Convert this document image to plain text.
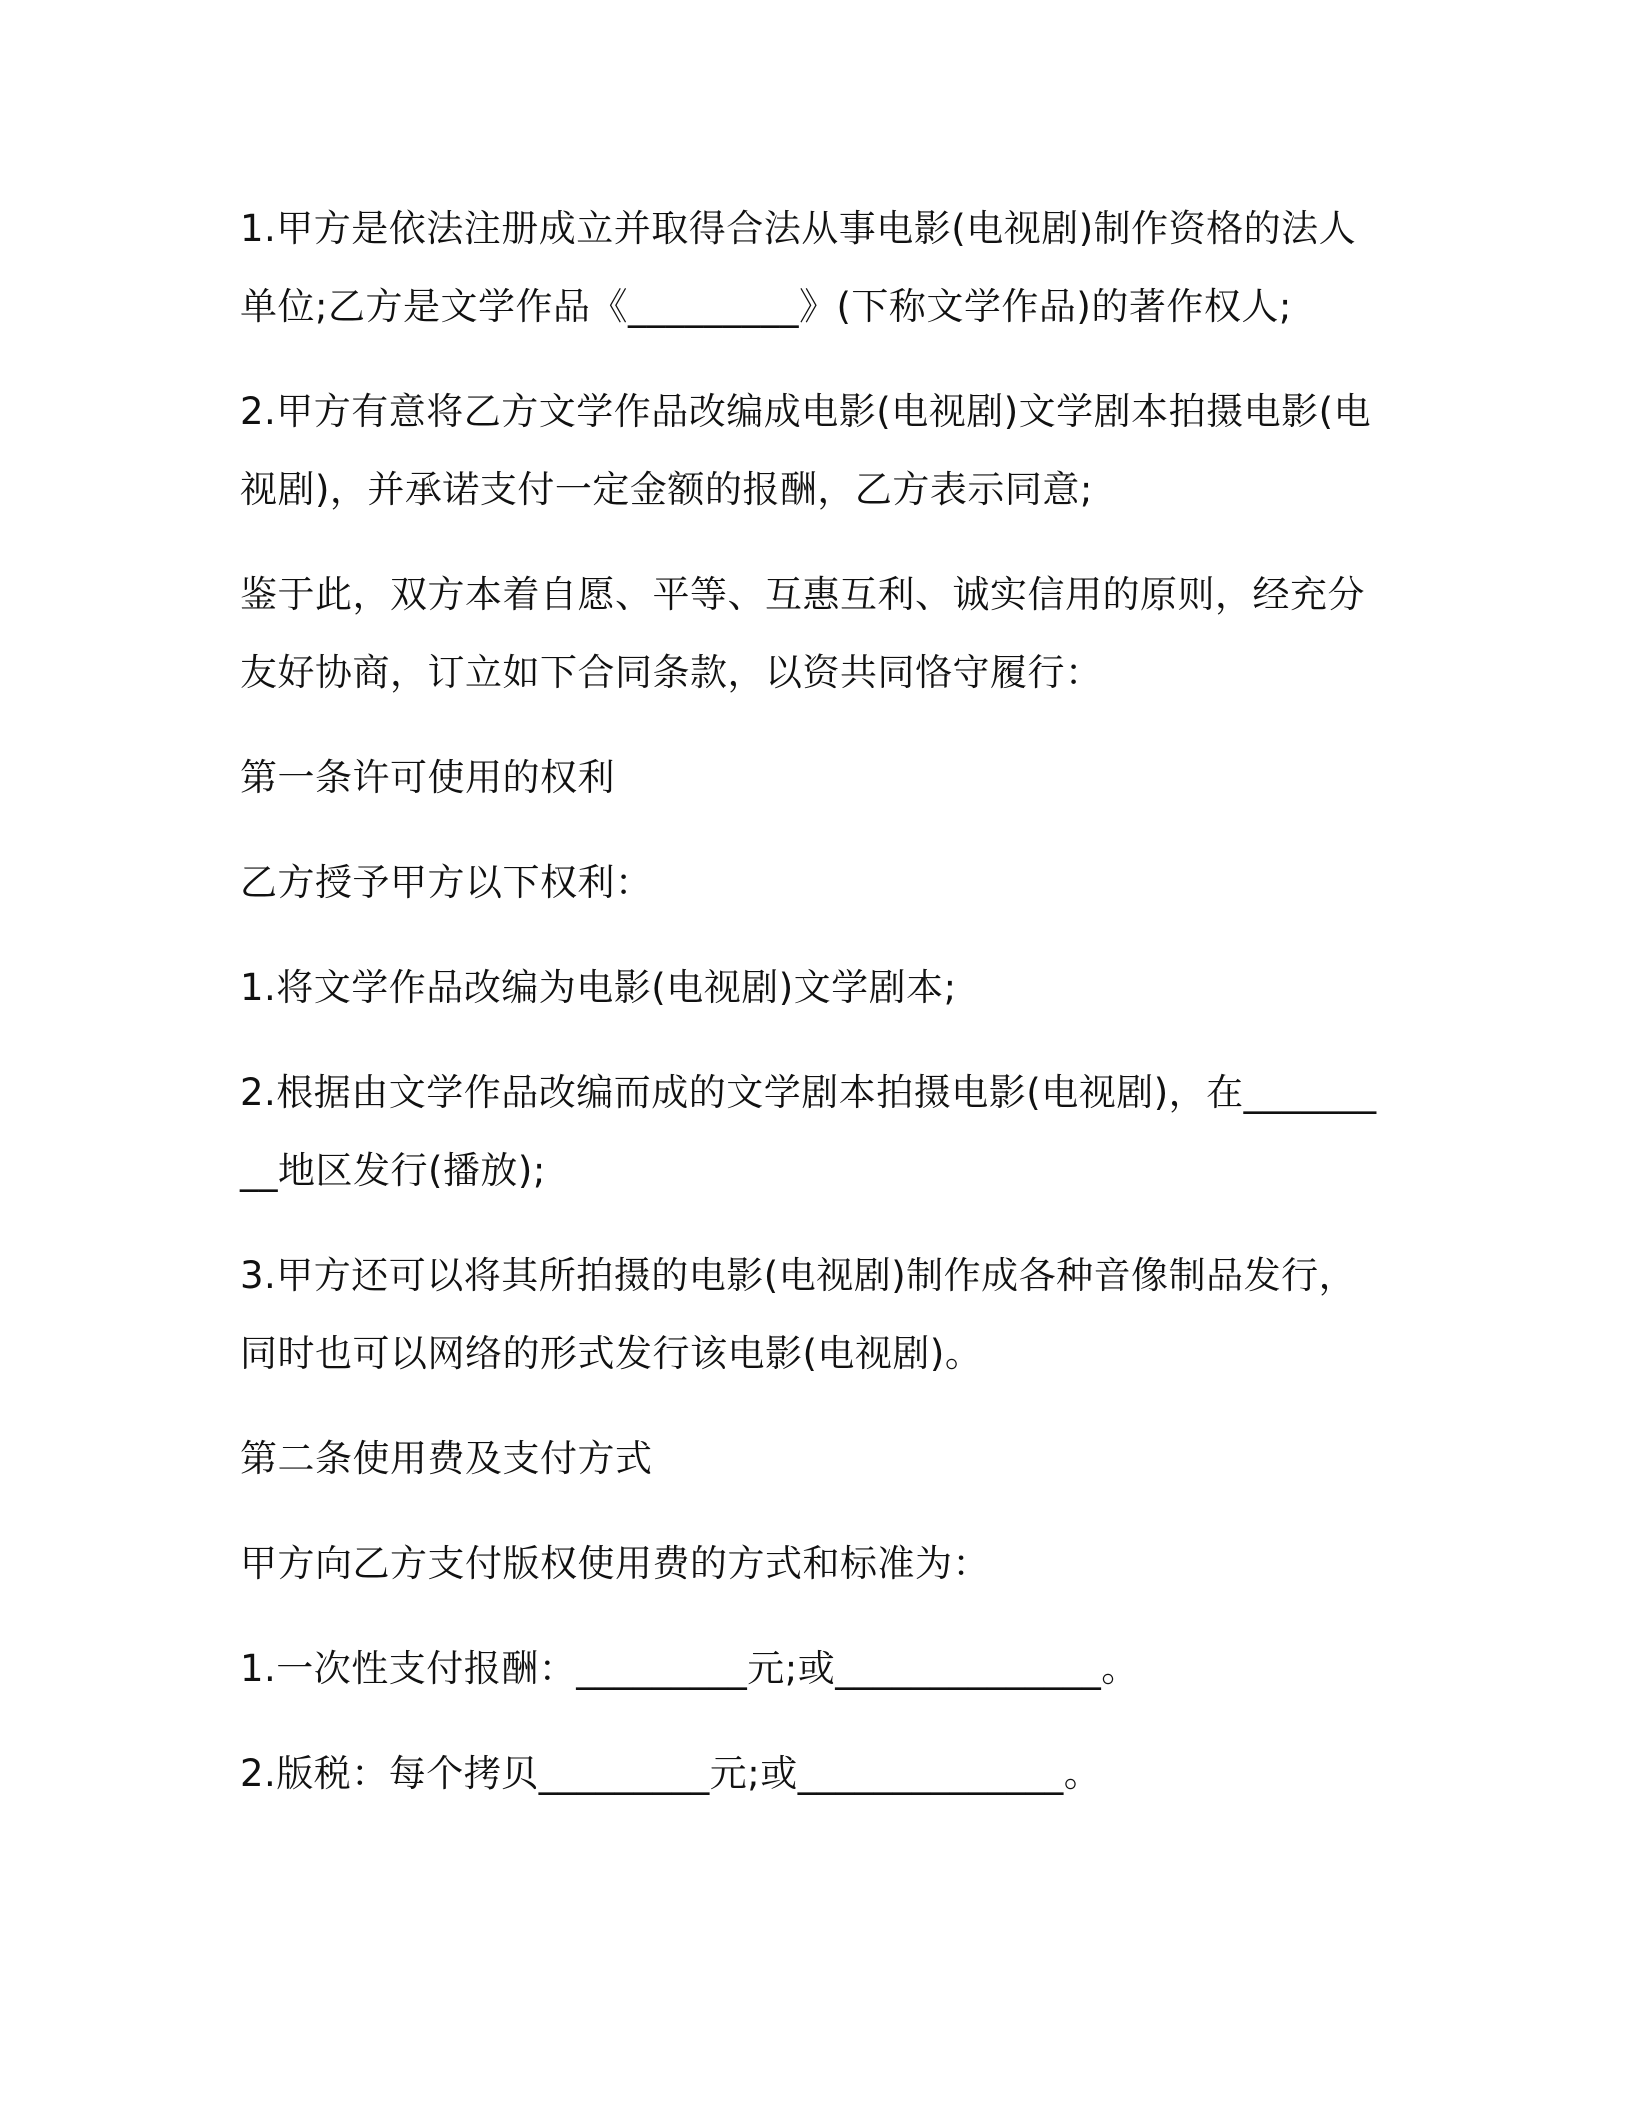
1.甲方是依法注册成立并取得合法从事电影(电视剧)制作资格的法人单位;乙方是文学作品《_________》(下称文学作品)的著作权人;

2.甲方有意将乙方文学作品改编成电影(电视剧)文学剧本拍摄电影(电视剧)，并承诺支付一定金额的报酬，乙方表示同意;

鉴于此，双方本着自愿、平等、互惠互利、诚实信用的原则，经充分友好协商，订立如下合同条款，以资共同恪守履行：

第一条许可使用的权利

乙方授予甲方以下权利：

1.将文学作品改编为电影(电视剧)文学剧本;

2.根据由文学作品改编而成的文学剧本拍摄电影(电视剧)，在_________地区发行(播放);

3.甲方还可以将其所拍摄的电影(电视剧)制作成各种音像制品发行，同时也可以网络的形式发行该电影(电视剧)。

第二条使用费及支付方式

甲方向乙方支付版权使用费的方式和标准为：

1.一次性支付报酬：_________元;或______________。

2.版税：每个拷贝_________元;或______________。
